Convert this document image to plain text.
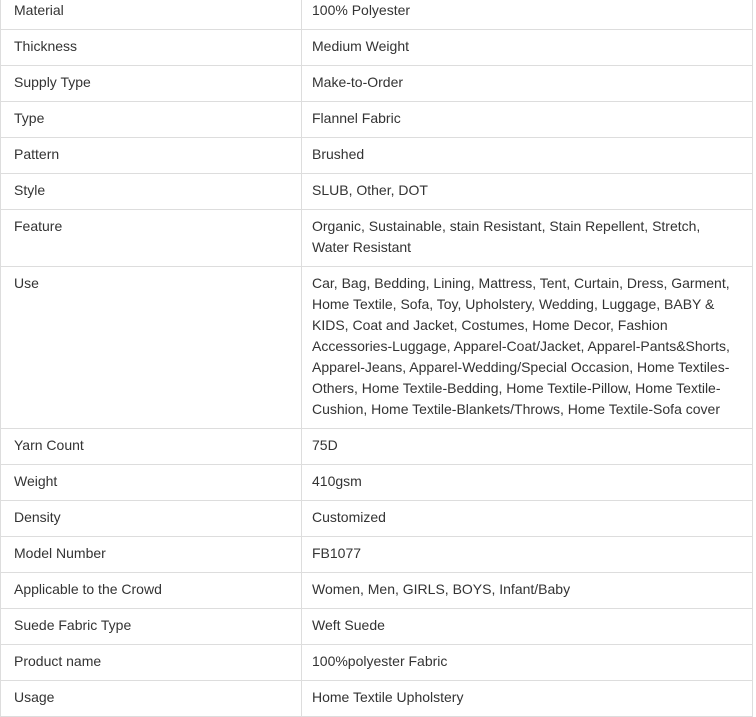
Material	100% Polyester
Thickness	Medium Weight
Supply Type	Make-to-Order
Type	Flannel Fabric
Pattern	Brushed
Style	SLUB, Other, DOT
Feature	Organic, Sustainable, stain Resistant, Stain Repellent, Stretch, Water Resistant
Use	Car, Bag, Bedding, Lining, Mattress, Tent, Curtain, Dress, Garment, Home Textile, Sofa, Toy, Upholstery, Wedding, Luggage, BABY & KIDS, Coat and Jacket, Costumes, Home Decor, Fashion Accessories-Luggage, Apparel-Coat/Jacket, Apparel-Pants&Shorts, Apparel-Jeans, Apparel-Wedding/Special Occasion, Home Textiles-Others, Home Textile-Bedding, Home Textile-Pillow, Home Textile-Cushion, Home Textile-Blankets/Throws, Home Textile-Sofa cover
Yarn Count	75D
Weight	410gsm
Density	Customized
Model Number	FB1077
Applicable to the Crowd	Women, Men, GIRLS, BOYS, Infant/Baby
Suede Fabric Type	Weft Suede
Product name	100%polyester Fabric
Usage	Home Textile Upholstery
